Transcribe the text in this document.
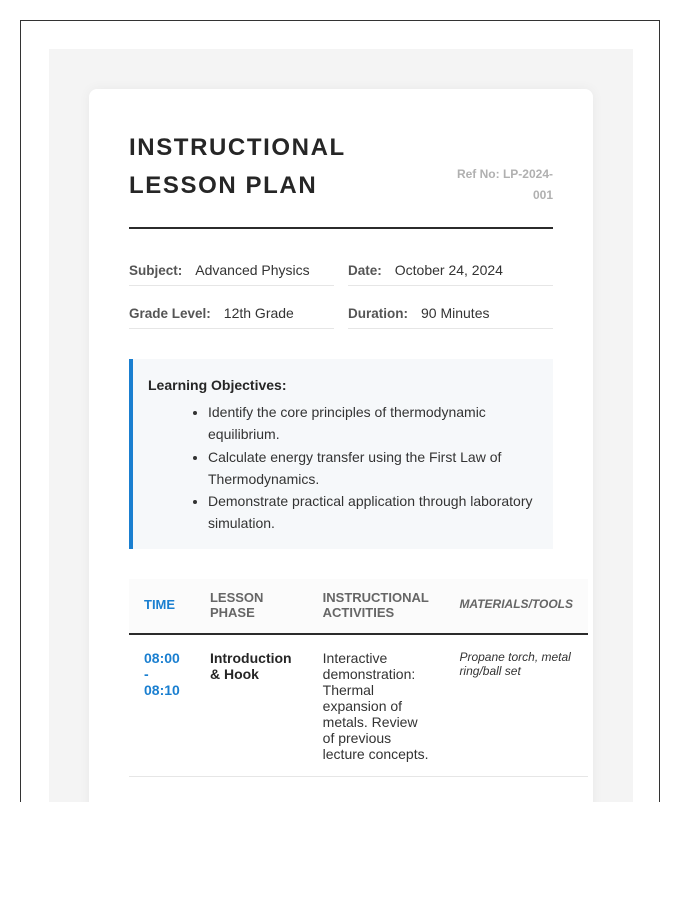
INSTRUCTIONAL LESSON PLAN	Ref No: LP-2024-001
Subject: Advanced Physics	Date: October 24, 2024
Grade Level: 12th Grade	Duration: 90 Minutes
Learning Objectives:
• Identify the core principles of thermodynamic equilibrium.
• Calculate energy transfer using the First Law of Thermodynamics.
• Demonstrate practical application through laboratory simulation.
TIME	LESSON PHASE	INSTRUCTIONAL ACTIVITIES	MATERIALS/TOOLS
08:00 - 08:10	Introduction & Hook	Interactive demonstration: Thermal expansion of metals. Review of previous lecture concepts.	Propane torch, metal ring/ball set
